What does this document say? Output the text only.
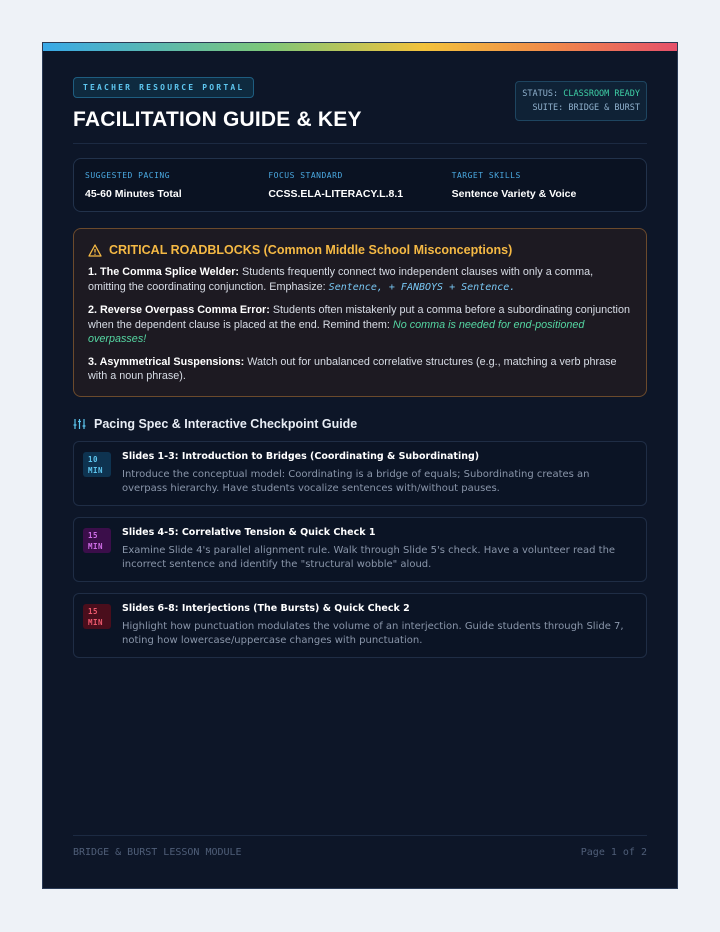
TEACHER RESOURCE PORTAL
FACILITATION GUIDE & KEY
STATUS: CLASSROOM READY
SUITE: BRIDGE & BURST
SUGGESTED PACING
45-60 Minutes Total
FOCUS STANDARD
CCSS.ELA-LITERACY.L.8.1
TARGET SKILLS
Sentence Variety & Voice
CRITICAL ROADBLOCKS (Common Middle School Misconceptions)

1. The Comma Splice Welder: Students frequently connect two independent clauses with only a comma, omitting the coordinating conjunction. Emphasize: Sentence, + FANBOYS + Sentence.

2. Reverse Overpass Comma Error: Students often mistakenly put a comma before a subordinating conjunction when the dependent clause is placed at the end. Remind them: No comma is needed for end-positioned overpasses!

3. Asymmetrical Suspensions: Watch out for unbalanced correlative structures (e.g., matching a verb phrase with a noun phrase).

Pacing Spec & Interactive Checkpoint Guide
10
MIN
Slides 1-3: Introduction to Bridges (Coordinating & Subordinating)
Introduce the conceptual model: Coordinating is a bridge of equals; Subordinating creates an overpass hierarchy. Have students vocalize sentences with/without pauses.
15
MIN
Slides 4-5: Correlative Tension & Quick Check 1
Examine Slide 4's parallel alignment rule. Walk through Slide 5's check. Have a volunteer read the incorrect sentence and identify the "structural wobble" aloud.
15
MIN
Slides 6-8: Interjections (The Bursts) & Quick Check 2
Highlight how punctuation modulates the volume of an interjection. Guide students through Slide 7, noting how lowercase/uppercase changes with punctuation.
BRIDGE & BURST LESSON MODULE	Page 1 of 2
